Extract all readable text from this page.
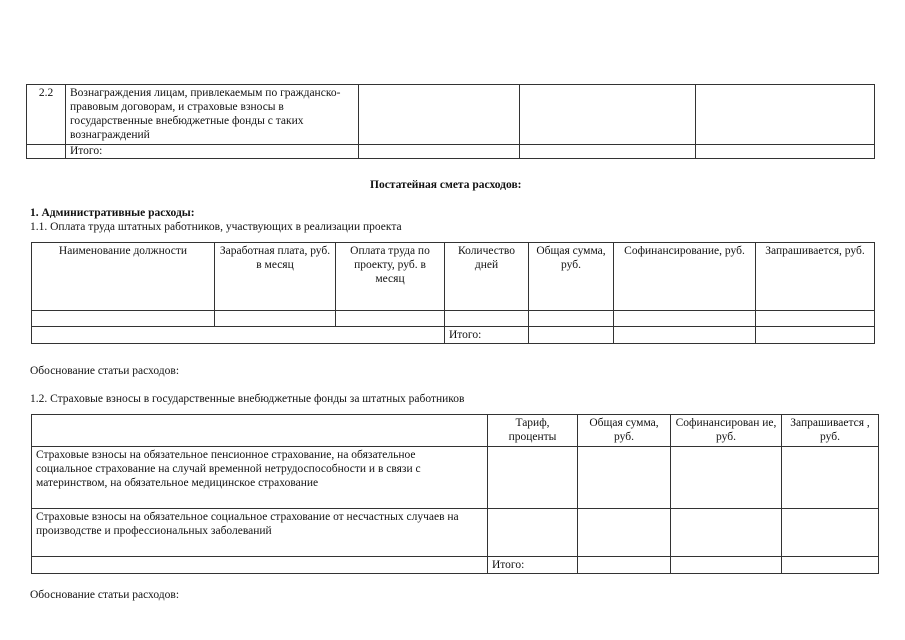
2.2	Вознаграждения лицам, привлекаемым по гражданско-правовым договорам, и страховые взносы в государственные внебюджетные фонды с таких вознаграждений			
	Итого:			
Постатейная смета расходов:
1. Административные расходы:
1.1. Оплата труда штатных работников, участвующих в реализации проекта
Наименование должности	Заработная плата, руб. в месяц	Оплата труда по проекту, руб. в месяц	Количество дней	Общая сумма, руб.	Софинансирование, руб.	Запрашивается, руб.

			Итого:			
Обоснование статьи расходов:
1.2. Страховые взносы в государственные внебюджетные фонды за штатных работников
	Тариф, проценты	Общая сумма, руб.	Софинансирован ие, руб.	Запрашивается , руб.
Страховые взносы на обязательное пенсионное страхование, на обязательное социальное страхование на случай временной нетрудоспособности и в связи с материнством, на обязательное медицинское страхование				
Страховые взносы на обязательное социальное страхование от несчастных случаев на производстве и профессиональных заболеваний				
	Итого:			
Обоснование статьи расходов:
